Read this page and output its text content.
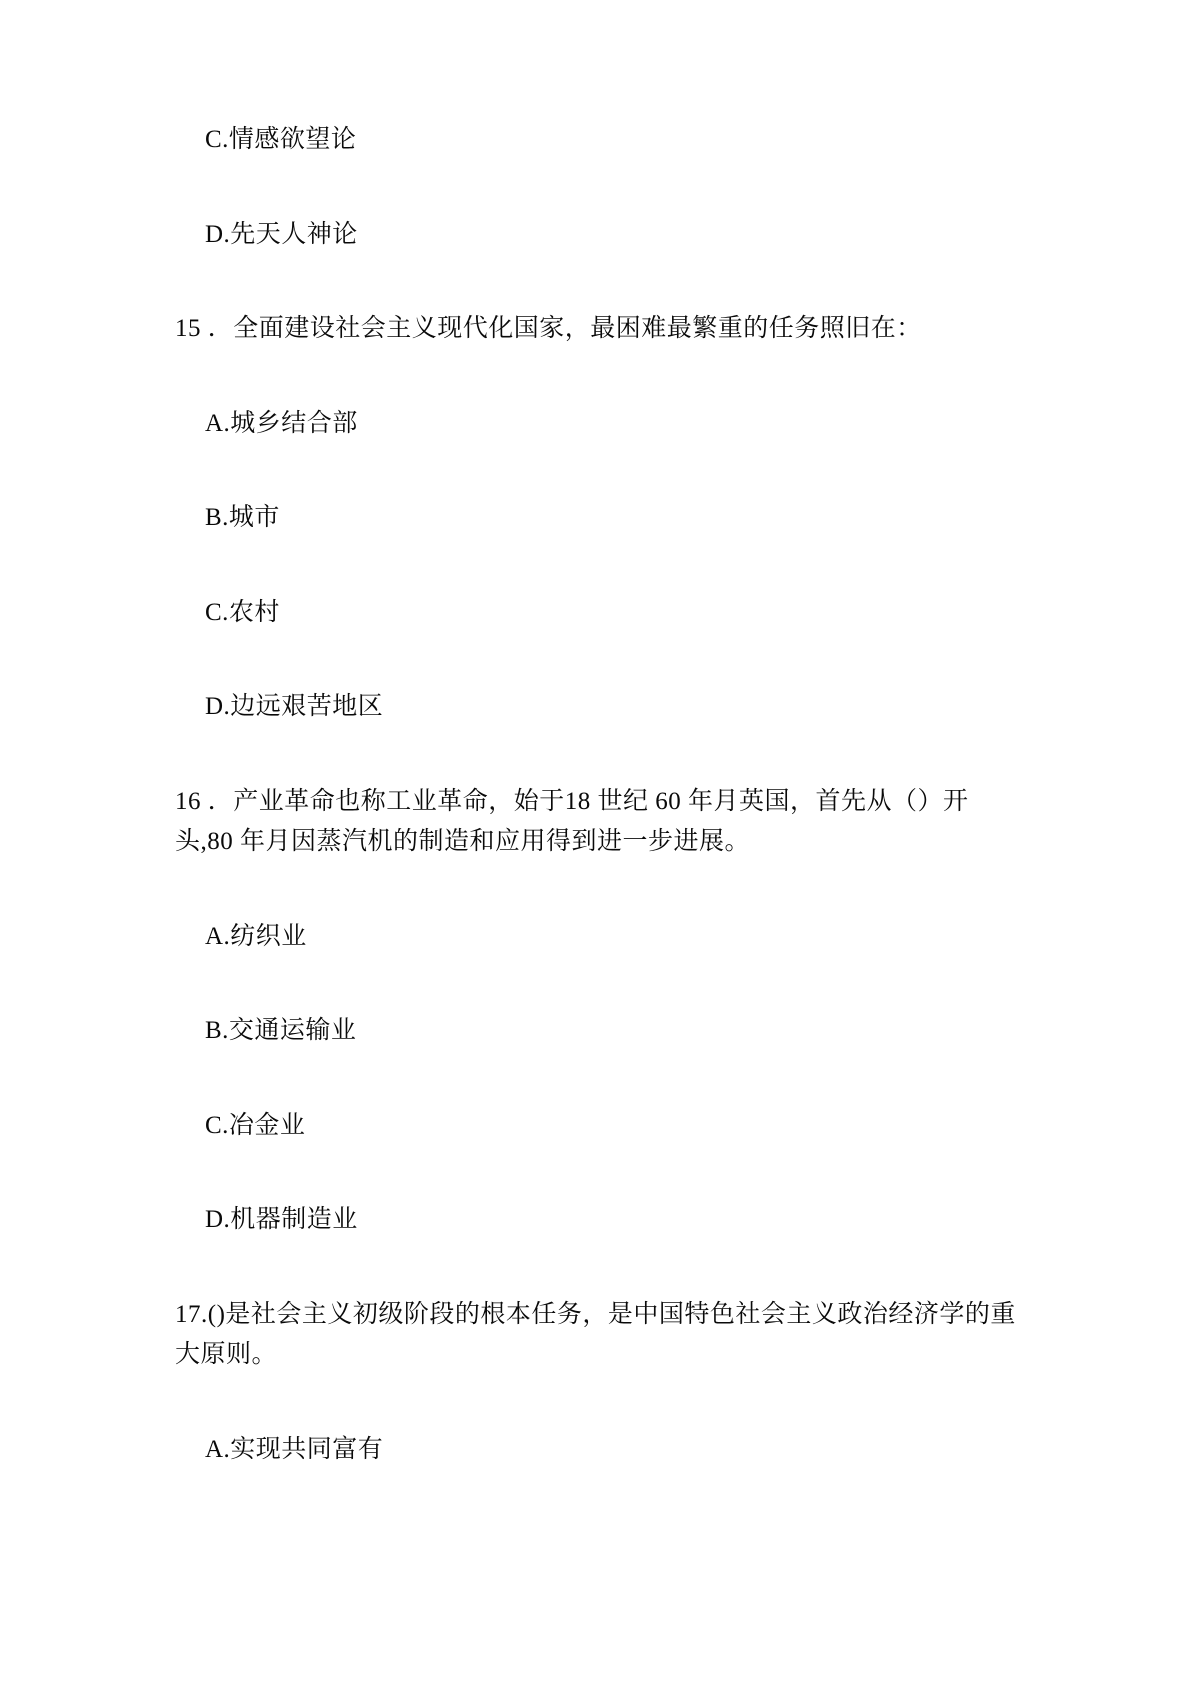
C.情感欲望论

D.先天人神论

15 ．全面建设社会主义现代化国家，最困难最繁重的任务照旧在：

A.城乡结合部

B.城市

C.农村

D.边远艰苦地区

16 ．产业革命也称工业革命，始于18 世纪 60 年月英国，首先从（）开头,80 年月因蒸汽机的制造和应用得到进一步进展。

A.纺织业

B.交通运输业

C.冶金业

D.机器制造业

17.()是社会主义初级阶段的根本任务，是中国特色社会主义政治经济学的重大原则。

A.实现共同富有
